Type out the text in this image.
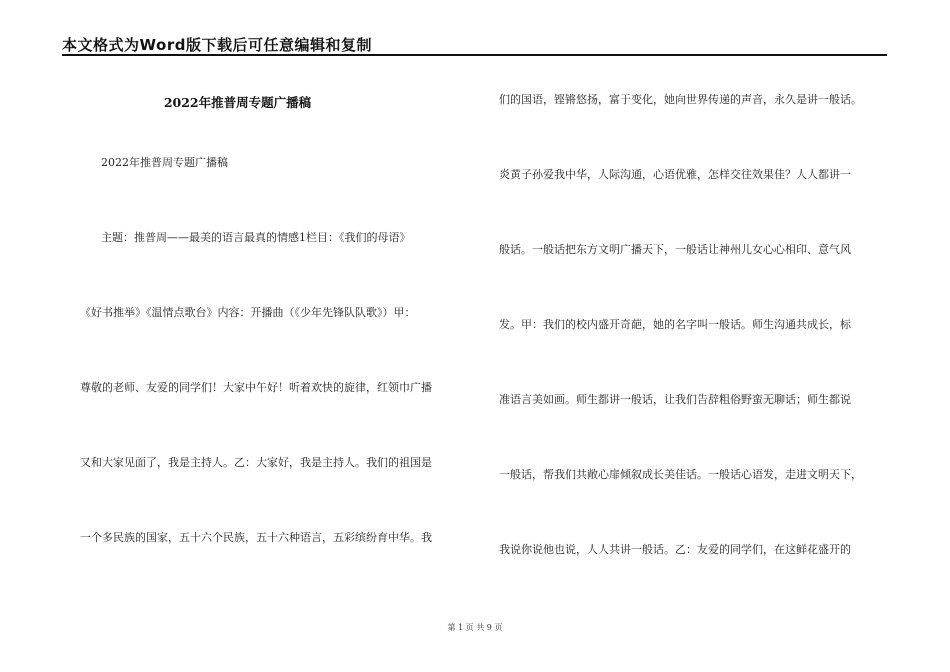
本文格式为Word版下载后可任意编辑和复制
2022年推普周专题广播稿
2022年推普周专题广播稿
主题：推普周——最美的语言最真的情感1栏目：《我们的母语》
《好书推举》《温情点歌台》内容：开播曲（《少年先锋队队歌》）甲：
尊敬的老师、友爱的同学们！大家中午好！听着欢快的旋律，红领巾广播
又和大家见面了，我是主持人。乙：大家好，我是主持人。我们的祖国是
一个多民族的国家，五十六个民族，五十六种语言，五彩缤纷育中华。我
们的国语，铿锵悠扬，富于变化，她向世界传递的声音，永久是讲一般话。
炎黄子孙爱我中华，人际沟通，心语优雅，怎样交往效果佳？人人都讲一
般话。一般话把东方文明广播天下，一般话让神州儿女心心相印、意气风
发。甲：我们的校内盛开奇葩，她的名字叫一般话。师生沟通共成长，标
准语言美如画。师生都讲一般话，让我们告辞粗俗野蛮无聊话；师生都说
一般话，帮我们共敞心扉倾叙成长美佳话。一般话心语发，走进文明天下，
我说你说他也说，人人共讲一般话。乙：友爱的同学们，在这鲜花盛开的
第 1 页 共 9 页
